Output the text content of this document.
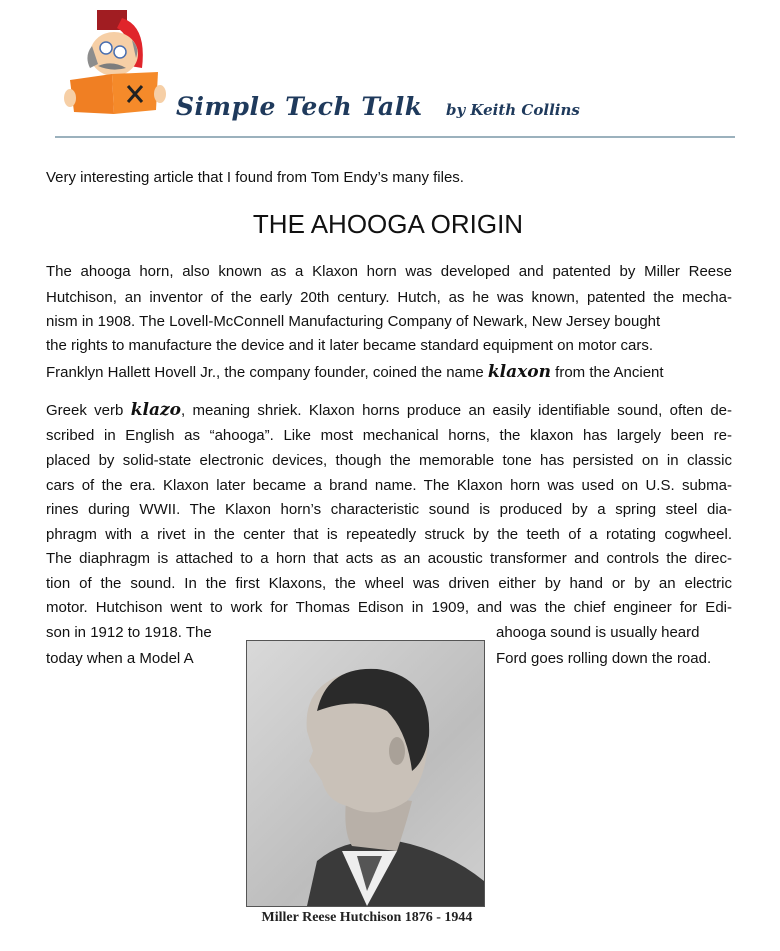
Simple Tech Talk by Keith Collins
Very interesting article that I found from Tom Endy’s many files.
THE AHOOGA ORIGIN
The ahooga horn, also known as a Klaxon horn was developed and patented by Miller Reese
Hutchison, an inventor of the early 20th century. Hutch, as he was known, patented the mecha-
nism in 1908. The Lovell-McConnell Manufacturing Company of Newark, New Jersey bought
the rights to manufacture the device and it later became standard equipment on motor cars.
Franklyn Hallett Hovell Jr., the company founder, coined the name klaxon from the Ancient
Greek verb klazo, meaning shriek. Klaxon horns produce an easily identifiable sound, often de-
scribed in English as “ahooga”. Like most mechanical horns, the klaxon has largely been re-
placed by solid-state electronic devices, though the memorable tone has persisted on in classic
cars of the era. Klaxon later became a brand name. The Klaxon horn was used on U.S. subma-
rines during WWII. The Klaxon horn’s characteristic sound is produced by a spring steel dia-
phragm with a rivet in the center that is repeatedly struck by the teeth of a rotating cogwheel.
The diaphragm is attached to a horn that acts as an acoustic transformer and controls the direc-
tion of the sound. In the first Klaxons, the wheel was driven either by hand or by an electric
motor. Hutchison went to work for Thomas Edison in 1909, and was the chief engineer for Edi-
son in 1912 to 1918. The	ahooga sound is usually heard
today when a Model A	Ford goes rolling down the road.
Miller Reese Hutchison 1876 - 1944
